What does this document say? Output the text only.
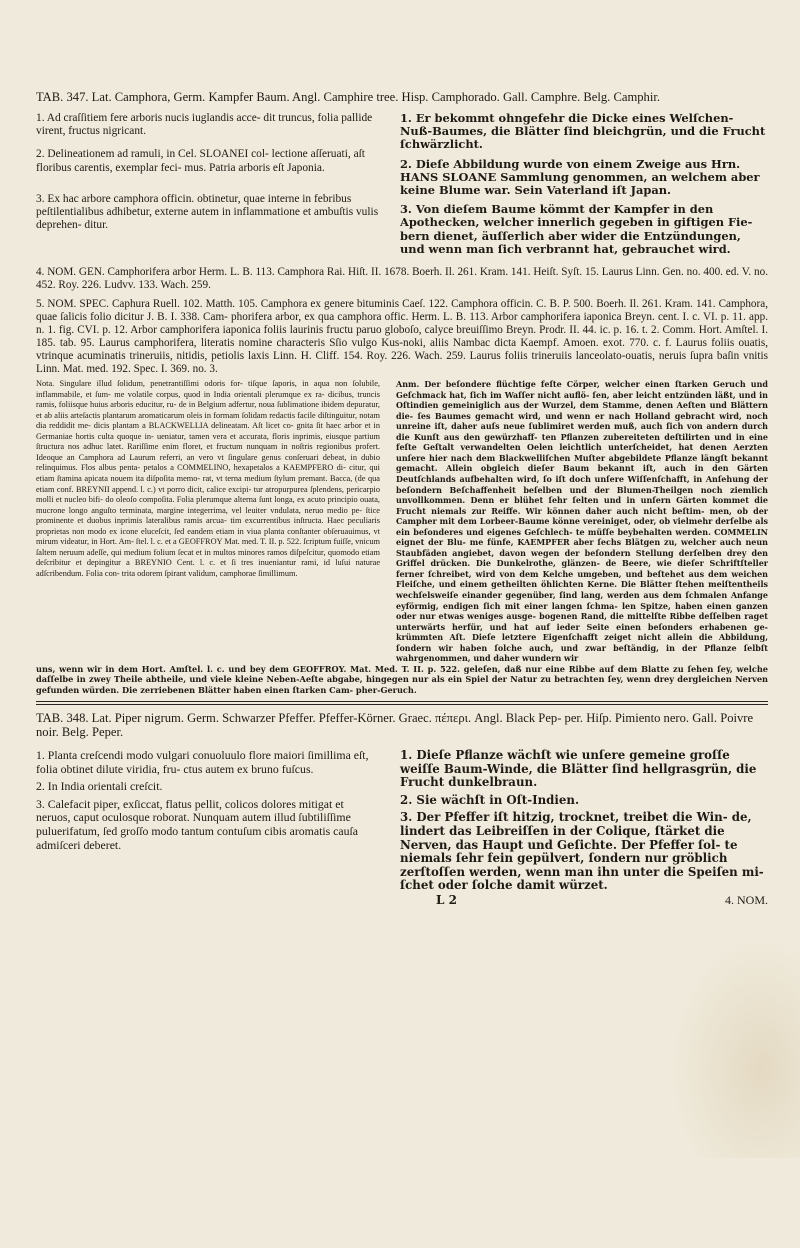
TAB. 347. Lat. Camphora, Germ. Kampfer Baum. Angl. Camphire tree. Hisp. Camphorado. Gall. Camphre. Belg. Camphir.
1. Ad craſſitiem fere arboris nucis iuglandis acce- dit truncus, folia pallide virent, fructus nigricant.
2. Delineationem ad ramuli, in Cel. SLOANEI col- lectione aſſeruati, aſt floribus carentis, exemplar feci- mus. Patria arboris eſt Japonia.
3. Ex hac arbore camphora officin. obtinetur, quae interne in febribus peſtilentialibus adhibetur, externe autem in inflammatione et ambuſtis vulis deprehen- ditur.
1. Er bekommt ohngefehr die Dicke eines Welſchen- Nuß-Baumes, die Blätter ſind bleichgrün, und die Frucht ſchwärzlicht.
2. Dieſe Abbildung wurde von einem Zweige aus Hrn. HANS SLOANE Sammlung genommen, an welchem aber keine Blume war. Sein Vaterland iſt Japan.
3. Von dieſem Baume kömmt der Kampfer in den Apothecken, welcher innerlich gegeben in giftigen Fie- bern dienet, äuſſerlich aber wider die Entzündungen, und wenn man ſich verbrannt hat, gebrauchet wird.
4. NOM. GEN. Camphorifera arbor Herm. L. B. 113. Camphora Rai. Hiſt. II. 1678. Boerh. Il. 261. Kram. 141. Heiſt. Syſt. 15. Laurus Linn. Gen. no. 400. ed. V. no. 452. Roy. 226. Ludvv. 133. Wach. 259.
5. NOM. SPEC. Caphura Ruell. 102. Matth. 105. Camphora ex genere bituminis Caeſ. 122. Camphora officin. C. B. P. 500. Boerh. Il. 261. Kram. 141. Camphora, quae ſalicis folio dicitur J. B. I. 338. Cam- phorifera arbor, ex qua camphora offic. Herm. L. B. 113. Arbor camphorifera iaponica Breyn. cent. I. c. VI. p. 11. app. n. 1. fig. CVI. p. 12. Arbor camphorifera iaponica foliis laurinis fructu paruo globoſo, calyce breuiſſimo Breyn. Prodr. II. 44. ic. p. 16. t. 2. Comm. Hort. Amſtel. I. 185. tab. 95. Laurus camphorifera, literatis nomine characteris Sſio vulgo Kus-noki, aliis Nambac dicta Kaempf. Amoen. exot. 770. c. f. Laurus foliis ouatis, vtrinque acuminatis trineruiis, nitidis, petiolis laxis Linn. H. Cliff. 154. Roy. 226. Wach. 259. Laurus foliis trineruiis lanceolato-ouatis, neruis ſupra baſin vnitis Linn. Mat. med. 192. Spec. I. 369. no. 3.
Nota. Singulare illud ſolidum, penetrantiſſimi odoris for- tiſque ſaporis, in aqua non ſolubile, inflammabile, et ſum- me volatile corpus, quod in India orientali plerumque ex ra- dicibus, truncis ramis, foliisque huius arboris educitur, ru- de in Belgium adfertur, noua ſublimatione ibidem depuratur, et ab aliis arteſactis plantarum aromaticarum oleis in formam ſolidam redactis facile diſtinguitur, notam dia reddidit me- dicis plantam a BLACKWELLIA delineatam. Aſt licet co- gnita ſit haec arbor et in Germaniae hortis culta quoque in- ueniatur, tamen vera et accurata, floris inprimis, eiusque partium ſtructura nos adhuc latet. Rariſſime enim floret, et fructum nunquam in noſtris regionibus profert. Ideoque an Camphora ad Laurum referri, an vero vt ſingulare genus conſeruari debeat, in dubio relinquimus. Flos albus penta- petalos a COMMELINO, hexapetalos a KAEMPFERO di- citur, qui etiam ſtamina apicata nouem ita diſpoſita memo- rat, vt terna medium ſtylum premant. Bacca, (de qua etiam conf. BREYNII append. l. c.) vt porro dicit, calice excipi- tur atropurpurea ſplendens, pericarpio molli et nucleo bifi- do oleoſo compoſita. Folia plerumque alterna ſunt longa, ex acuto principio ouata, mucrone longo anguſto terminata, margine integerrima, vel leuiter vndulata, neruo medio pe- ſtice prominente et duobus inprimis lateralibus ramis arcua- tim excurrentibus inſtructa. Haec peculiaris proprietas non modo ex icone eluceſcit, ſed eandem etiam in viua planta conſtanter obſeruauimus, vt mirum videatur, in Hort. Am- ſtel. l. c. et a GEOFFROY Mat. med. T. II. p. 522. ſcriptum fuiſſe, vnicum ſaltem neruum adeſſe, qui medium folium ſecat et in multos minores ramos diſpeſcitur, quomodo etiam deſcribitur et depingitur a BREYNIO Cent. l. c. et ſi tres inueniantur rami, id luſui naturae adſcribendum. Folia con- trita odorem ſpirant validum, camphorae ſimillimum.
Anm. Der beſondere flüchtige feſte Cörper, welcher einen ſtarken Geruch und Geſchmack hat, ſich im Waſſer nicht auflö- ſen, aber leicht entzünden läßt, und in Oſtindien gemeiniglich aus der Wurzel, dem Stamme, denen Aeſten und Blättern die- ſes Baumes gemacht wird, und wenn er nach Holland gebracht wird, noch unreine iſt, daher auſs neue ſublimiret werden muß, auch ſich von andern durch die Kunſt aus den gewürzhaff- ten Pflanzen zubereiteten deſtilirten und in eine feſte Geſtalt verwandelten Oelen leichtlich unterſcheidet, hat denen Aerzten unſere hier nach dem Blackwelliſchen Muſter abgebildete Pflanze längſt bekannt gemacht. Allein obgleich dieſer Baum bekannt iſt, auch in den Gärten Deutſchlands aufbehalten wird, ſo iſt doch unſere Wiſſenſchafft, in Anſehung der beſondern Beſchaffenheit beſelben und der Blumen-Theilgen noch ziemlich unvollkommen. Denn er blühet ſehr ſelten und in unſern Gärten kommet die Frucht niemals zur Reiffe. Wir können daher auch nicht beſtim- men, ob der Campher mit dem Lorbeer-Baume könne vereiniget, oder, ob vielmehr derſelbe als ein beſonderes und eigenes Geſchlech- te müſſe beybehalten werden. COMMELIN eignet der Blu- me fünfe, KAEMPFER aber ſechs Blätgen zu, welcher auch neun Staubfäden angiebet, davon wegen der beſondern Stellung derſelben drey den Griffel drücken. Die Dunkelrothe, glänzen- de Beere, wie dieſer Schriftſteller ferner ſchreibet, wird von dem Kelche umgeben, und beſtehet aus dem weichen Fleiſche, und einem getheilten öhlichten Kerne. Die Blätter ſtehen meiſtentheils wechſelsweiſe einander gegenüber, ſind lang, werden aus dem ſchmalen Anfange eyförmig, endigen ſich mit einer langen ſchma- len Spitze, haben einen ganzen oder nur etwas weniges ausge- bogenen Rand, die mittelſte Ribbe deſſelben raget unterwärts herfür, und hat auf ieder Seite einen beſonders erhabenen ge- krümmten Aſt. Dieſe letztere Eigenſchafft zeiget nicht allein die Abbildung, ſondern wir haben ſolche auch, und zwar beſtändig, in der Pflanze ſelbſt wahrgenommen, und daher wundern wir
uns, wenn wir in dem Hort. Amſtel. l. c. und bey dem GEOFFROY. Mat. Med. T. II. p. 522. geleſen, daß nur eine Ribbe auf dem Blatte zu ſehen ſey, welche daſſelbe in zwey Theile abtheile, und viele kleine Neben-Aeſte abgabe, hingegen nur als ein Spiel der Natur zu betrachten ſey, wenn drey dergleichen Nerven gefunden würden. Die zerriebenen Blätter haben einen ſtarken Cam- pher-Geruch.
TAB. 348. Lat. Piper nigrum. Germ. Schwarzer Pfeffer. Pfeffer-Körner. Graec. πέπερι. Angl. Black Pep- per. Hiſp. Pimiento nero. Gall. Poivre noir. Belg. Peper.
1. Planta creſcendi modo vulgari conuoluulo flore maiori ſimillima eſt, folia obtinet dilute viridia, fru- ctus autem ex bruno fuſcus.
2. In India orientali creſcit.
3. Calefacit piper, exſiccat, flatus pellit, colicos dolores mitigat et neruos, caput oculosque roborat. Nunquam autem illud ſubtiliſſime puluerifatum, ſed groſſo modo tantum contuſum cibis aromatis cauſa admiſceri deberet.
1. Dieſe Pflanze wächſt wie unſere gemeine groſſe weiſſe Baum-Winde, die Blätter ſind hellgrasgrün, die Frucht dunkelbraun.
2. Sie wächſt in Oſt-Indien.
3. Der Pfeffer iſt hitzig, trocknet, treibet die Win- de, lindert das Leibreiſſen in der Colique, ſtärket die Nerven, das Haupt und Geſichte. Der Pfeffer ſol- te niemals ſehr fein gepülvert, ſondern nur gröblich zerſtoſſen werden, wenn man ihn unter die Speiſen mi- ſchet oder ſolche damit würzet.
L 2	4. NOM.
